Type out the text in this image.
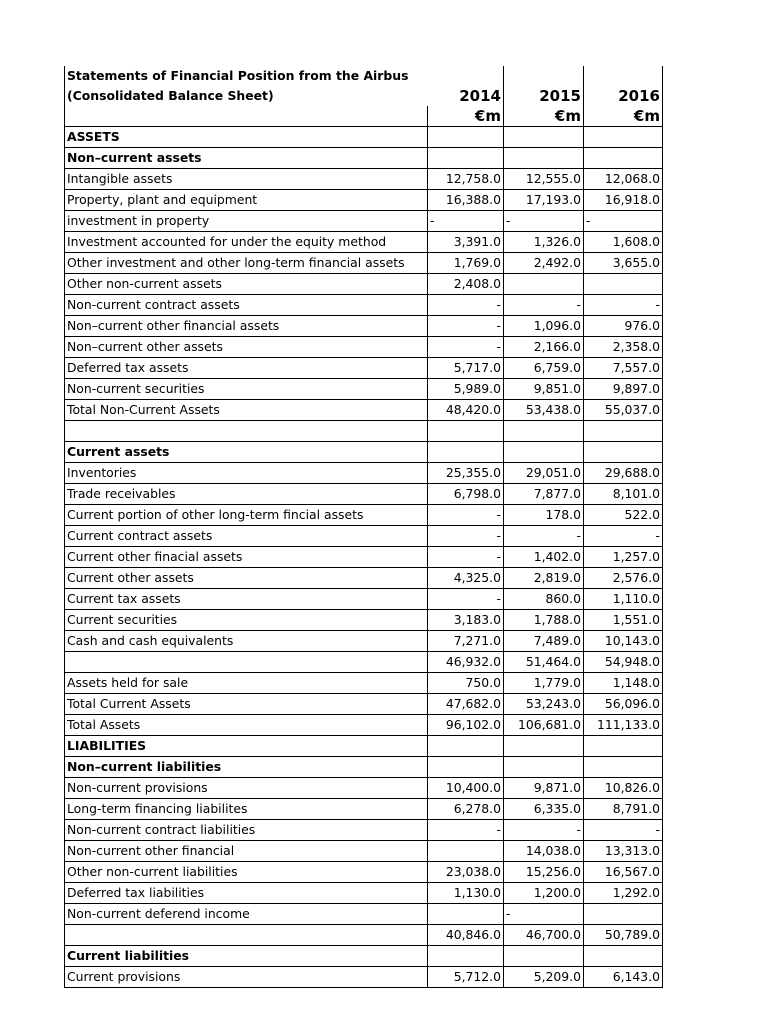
Statements of Financial Position from the Airbus			
(Consolidated Balance Sheet)	2014	2015	2016
	€m	€m	€m
ASSETS			
Non–current assets			
Intangible assets	12,758.0	12,555.0	12,068.0
Property, plant and equipment	16,388.0	17,193.0	16,918.0
investment in property	-	-	-
Investment accounted for under the equity method	3,391.0	1,326.0	1,608.0
Other investment and other long-term financial assets	1,769.0	2,492.0	3,655.0
Other non-current assets	2,408.0		
Non-current contract assets	-	-	-
Non–current other financial assets	-	1,096.0	976.0
Non–current other assets	-	2,166.0	2,358.0
Deferred tax assets	5,717.0	6,759.0	7,557.0
Non-current securities	5,989.0	9,851.0	9,897.0
Total Non-Current Assets	48,420.0	53,438.0	55,037.0

Current assets			
Inventories	25,355.0	29,051.0	29,688.0
Trade receivables	6,798.0	7,877.0	8,101.0
Current portion of other long-term fincial assets	-	178.0	522.0
Current contract assets	-	-	-
Current other finacial assets	-	1,402.0	1,257.0
Current other assets	4,325.0	2,819.0	2,576.0
Current tax assets	-	860.0	1,110.0
Current securities	3,183.0	1,788.0	1,551.0
Cash and cash equivalents	7,271.0	7,489.0	10,143.0
	46,932.0	51,464.0	54,948.0
Assets held for sale	750.0	1,779.0	1,148.0
Total Current Assets	47,682.0	53,243.0	56,096.0
Total Assets	96,102.0	106,681.0	111,133.0
LIABILITIES			
Non–current liabilities			
Non-current provisions	10,400.0	9,871.0	10,826.0
Long-term financing liabilites	6,278.0	6,335.0	8,791.0
Non-current contract liabilities	-	-	-
Non-current other financial		14,038.0	13,313.0
Other non-current liabilities	23,038.0	15,256.0	16,567.0
Deferred tax liabilities	1,130.0	1,200.0	1,292.0
Non-current deferend income		-	
	40,846.0	46,700.0	50,789.0
Current liabilities			
Current provisions	5,712.0	5,209.0	6,143.0
